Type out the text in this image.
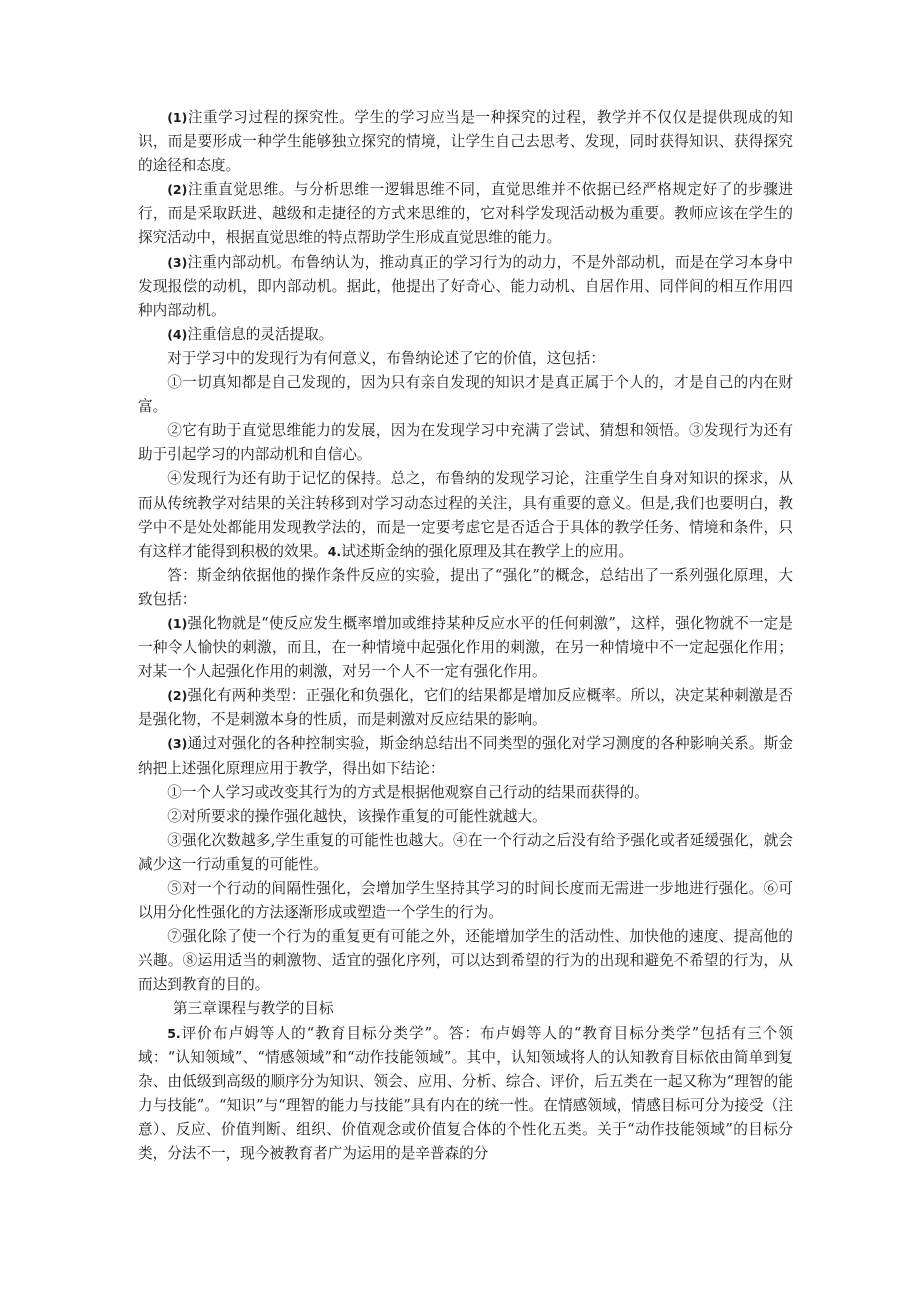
(1)注重学习过程的探究性。学生的学习应当是一种探究的过程，教学并不仅仅是提供现成的知识，而是要形成一种学生能够独立探究的情境，让学生自己去思考、发现，同时获得知识、获得探究的途径和态度。

(2)注重直觉思维。与分析思维一逻辑思维不同，直觉思维并不依据已经严格规定好了的步骤进行，而是采取跃进、越级和走捷径的方式来思维的，它对科学发现活动极为重要。教师应该在学生的探究活动中，根据直觉思维的特点帮助学生形成直觉思维的能力。

(3)注重内部动机。布鲁纳认为，推动真正的学习行为的动力，不是外部动机，而是在学习本身中发现报偿的动机，即内部动机。据此，他提出了好奇心、能力动机、自居作用、同伴间的相互作用四种内部动机。

(4)注重信息的灵活提取。

对于学习中的发现行为有何意义，布鲁纳论述了它的价值，这包括：

①一切真知都是自己发现的，因为只有亲自发现的知识才是真正属于个人的，才是自己的内在财富。

②它有助于直觉思维能力的发展，因为在发现学习中充满了尝试、猜想和领悟。③发现行为还有助于引起学习的内部动机和自信心。

④发现行为还有助于记忆的保持。总之，布鲁纳的发现学习论，注重学生自身对知识的探求，从而从传统教学对结果的关注转移到对学习动态过程的关注，具有重要的意义。但是,我们也要明白，教学中不是处处都能用发现教学法的，而是一定要考虑它是否适合于具体的教学任务、情境和条件，只有这样才能得到积极的效果。4.试述斯金纳的强化原理及其在教学上的应用。

答：斯金纳依据他的操作条件反应的实验，提出了“强化”的概念，总结出了一系列强化原理，大致包括：

(1)强化物就是“使反应发生概率增加或维持某种反应水平的任何刺激”，这样，强化物就不一定是一种令人愉快的刺激，而且，在一种情境中起强化作用的刺激，在另一种情境中不一定起强化作用；对某一个人起强化作用的刺激，对另一个人不一定有强化作用。

(2)强化有两种类型：正强化和负强化，它们的结果都是增加反应概率。所以，决定某种刺激是否是强化物，不是刺激本身的性质，而是刺激对反应结果的影响。

(3)通过对强化的各种控制实验，斯金纳总结出不同类型的强化对学习测度的各种影响关系。斯金纳把上述强化原理应用于教学，得出如下结论：

①一个人学习或改变其行为的方式是根据他观察自己行动的结果而获得的。

②对所要求的操作强化越快，该操作重复的可能性就越大。

③强化次数越多,学生重复的可能性也越大。④在一个行动之后没有给予强化或者延缓强化，就会减少这一行动重复的可能性。

⑤对一个行动的间隔性强化，会增加学生坚持其学习的时间长度而无需进一步地进行强化。⑥可以用分化性强化的方法逐渐形成或塑造一个学生的行为。

⑦强化除了使一个行为的重复更有可能之外，还能增加学生的活动性、加快他的速度、提高他的兴趣。⑧运用适当的刺激物、适宜的强化序列，可以达到希望的行为的出现和避免不希望的行为，从而达到教育的目的。

第三章课程与教学的目标

5.评价布卢姆等人的“教育目标分类学”。答：布卢姆等人的“教育目标分类学”包括有三个领域：“认知领域”、“情感领域”和“动作技能领域”。其中，认知领域将人的认知教育目标依由简单到复杂、由低级到高级的顺序分为知识、领会、应用、分析、综合、评价，后五类在一起又称为“理智的能力与技能”。“知识”与“理智的能力与技能”具有内在的统一性。在情感领域，情感目标可分为接受（注意）、反应、价值判断、组织、价值观念或价值复合体的个性化五类。关于“动作技能领域”的目标分类，分法不一，现今被教育者广为运用的是辛普森的分
